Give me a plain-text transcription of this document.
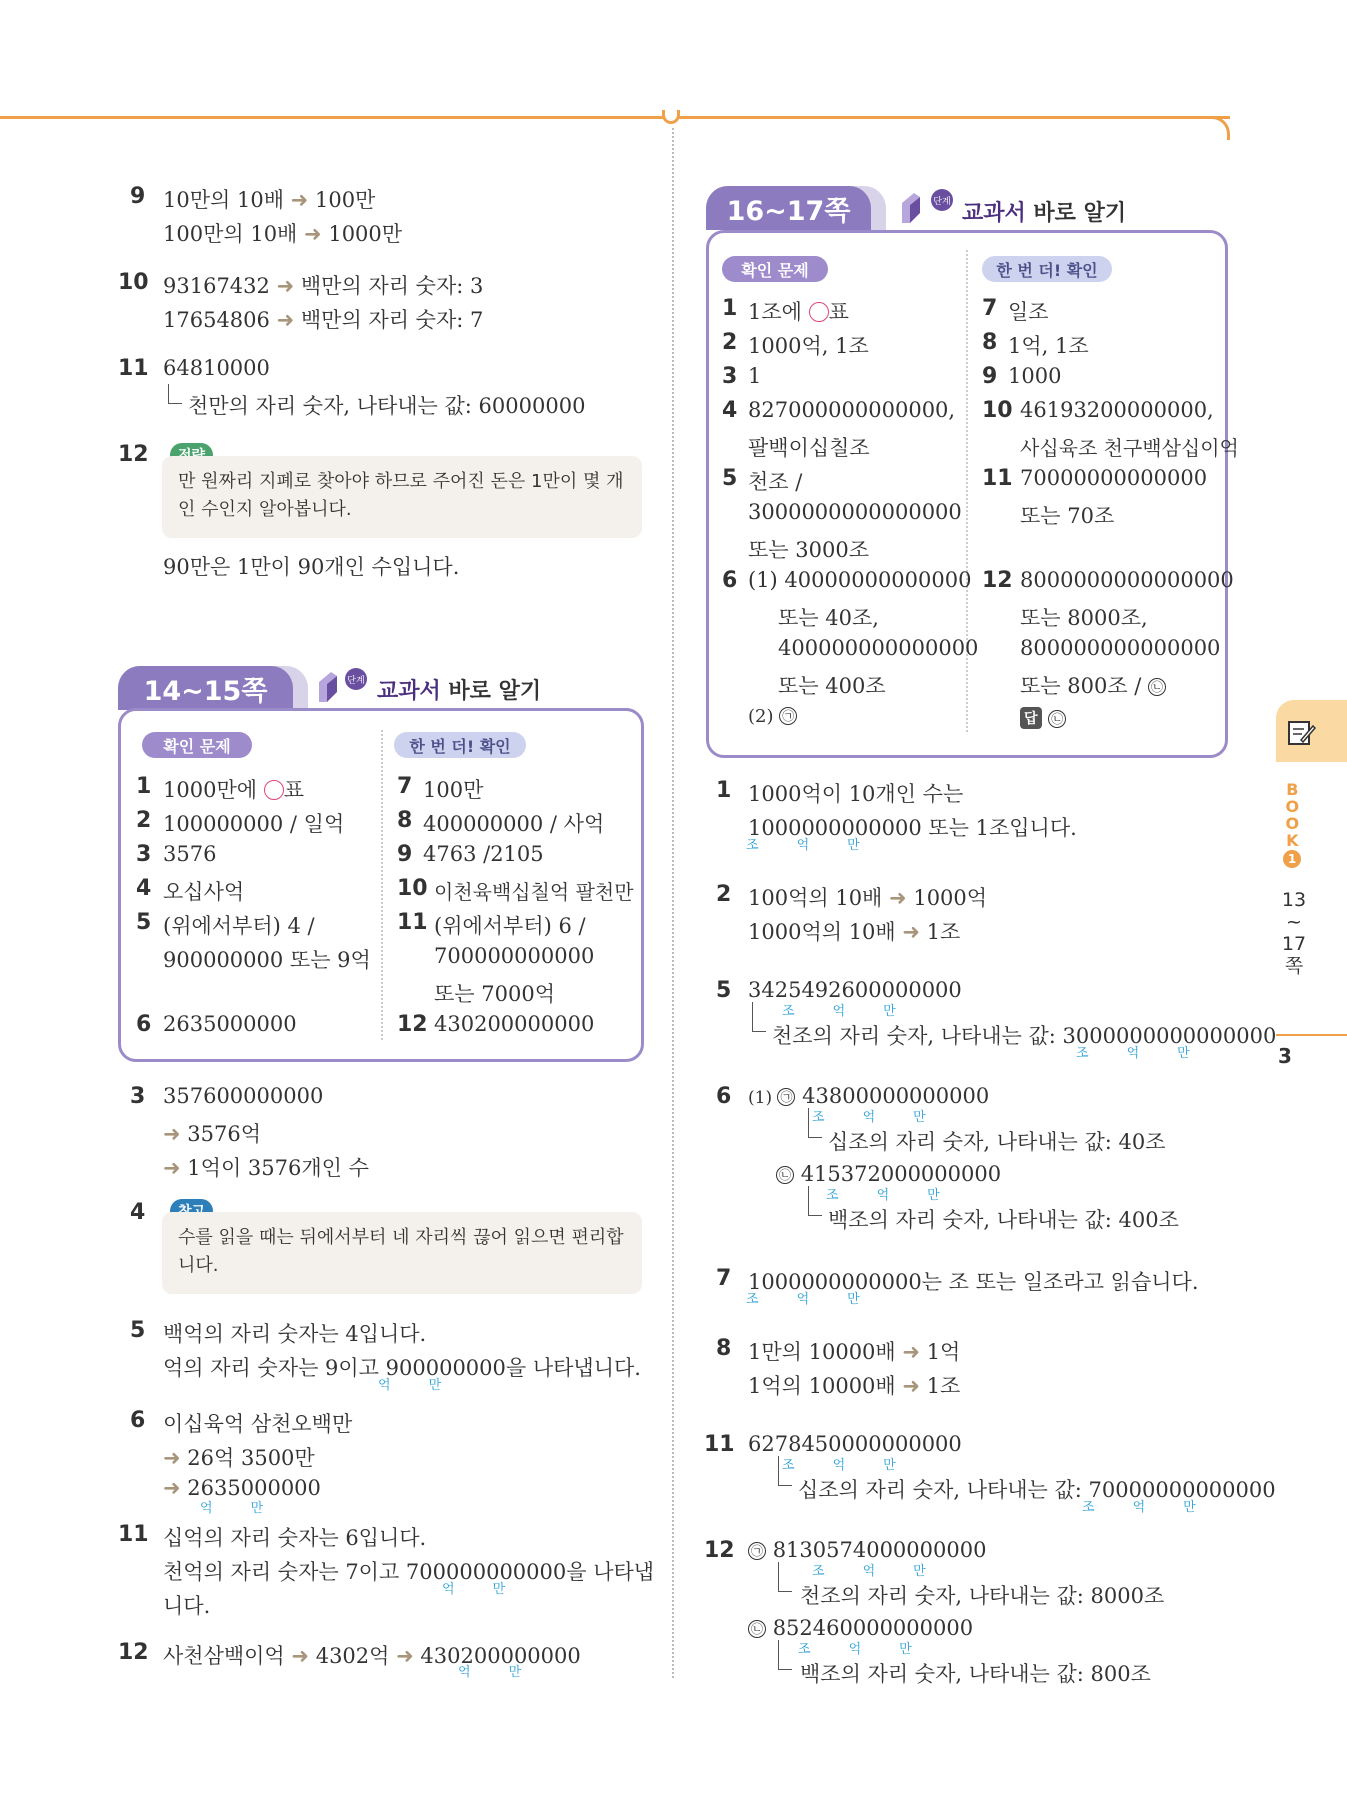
9 10만의 10배 ➜ 100만
100만의 10배 ➜ 1000만
10 93167432 ➜ 백만의 자리 숫자: 3
17654806 ➜ 백만의 자리 숫자: 7
11 64810000
천만의 자리 숫자, 나타내는 값: 60000000
12
만 원짜리 지폐로 찾아야 하므로 주어진 돈은 1만이 몇 개인 수인지 알아봅니다.
90만은 1만이 90개인 수입니다.
14~15쪽	단계 교과서 바로 알기
확인 문제	한 번 더! 확인
1 1000만에 ○표
2 100000000 / 일억
3 3576
4 오십사억
5 (위에서부터) 4 /
900000000 또는 9억
6 2635000000
7 100만
8 400000000 / 사억
9 4763 /2105
10 이천육백십칠억 팔천만
11 (위에서부터) 6 /
700000000000
또는 7000억
12 430200000000
3 357600000000
➜ 3576억
➜ 1억이 3576개인 수
4
수를 읽을 때는 뒤에서부터 네 자리씩 끊어 읽으면 편리합니다.
5 백억의 자리 숫자는 4입니다.
억의 자리 숫자는 9이고 900000000을 나타냅니다.
억	만
6 이십육억 삼천오백만
➜ 26억 3500만
➜ 2635000000
억	만
11 십억의 자리 숫자는 6입니다.
천억의 자리 숫자는 7이고 700000000000을 나타냅
억	만
니다.
12 사천삼백이억 ➜ 4302억 ➜ 430200000000
억	만
16~17쪽	단계 교과서 바로 알기
확인 문제	한 번 더! 확인
1 1조에 ○표
2 1000억, 1조
3 1
4 827000000000000,
팔백이십칠조
5 천조 /
3000000000000000
또는 3000조
6 (1) 40000000000000
또는 40조,
400000000000000
또는 400조
(2) ㉠
7 일조
8 1억, 1조
9 1000
10 46193200000000,
사십육조 천구백삼십이억
11 70000000000000
또는 70조
12 8000000000000000
또는 8000조,
800000000000000
또는 800조 / ㉡
답 ㉡
1 1000억이 10개인 수는
1000000000000 또는 1조입니다.
조	억	만
2 100억의 10배 ➜ 1000억
1000억의 10배 ➜ 1조
5 3425492600000000
조	억	만
천조의 자리 숫자, 나타내는 값: 3000000000000000
조	억	만
6 (1) ㉠ 43800000000000
조	억	만
십조의 자리 숫자, 나타내는 값: 40조
㉡ 415372000000000
조	억	만
백조의 자리 숫자, 나타내는 값: 400조
7 1000000000000는 조 또는 일조라고 읽습니다.
조	억	만
8 1만의 10000배 ➜ 1억
1억의 10000배 ➜ 1조
11 6278450000000000
조	억	만
십조의 자리 숫자, 나타내는 값: 70000000000000
조	억	만
12 ㉠ 8130574000000000
조	억	만
천조의 자리 숫자, 나타내는 값: 8000조
㉡ 852460000000000
조	억	만
백조의 자리 숫자, 나타내는 값: 800조
BOOK
1
13
~
17
쪽
3
